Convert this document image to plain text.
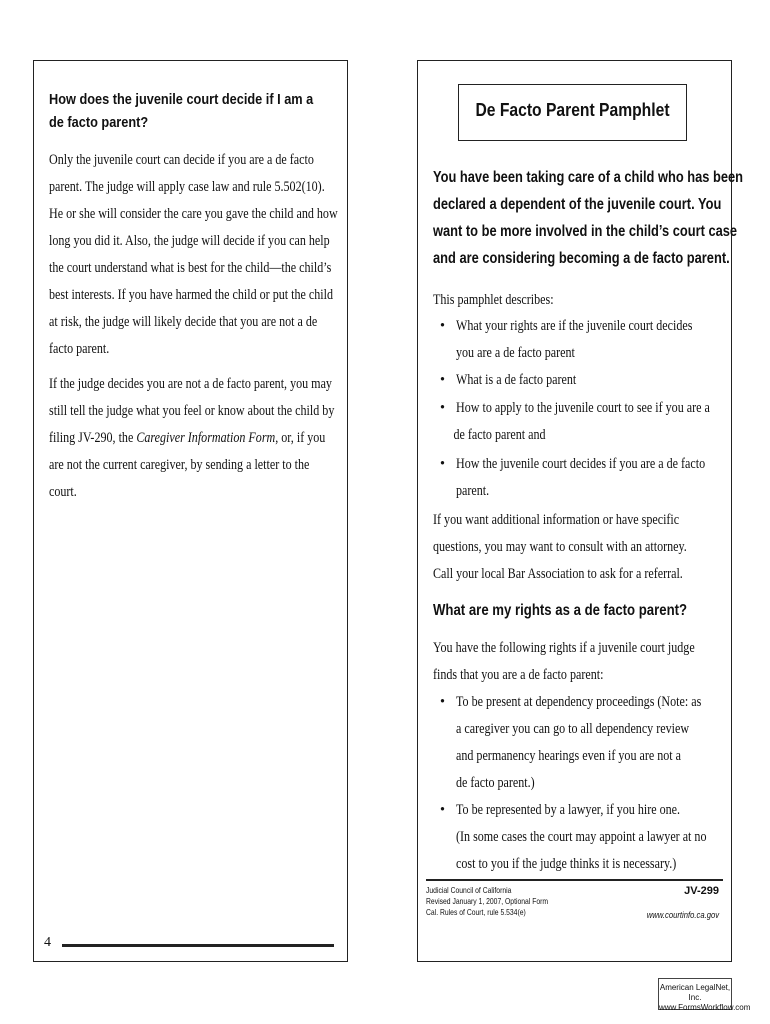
How does the juvenile court decide if I am a
de facto parent?
Only the juvenile court can decide if you are a de facto
parent. The judge will apply case law and rule 5.502(10).
He or she will consider the care you gave the child and how
long you did it. Also, the judge will decide if you can help
the court understand what is best for the child—the child’s
best interests. If you have harmed the child or put the child
at risk, the judge will likely decide that you are not a de
facto parent.
If the judge decides you are not a de facto parent, you may
still tell the judge what you feel or know about the child by
filing JV-290, the Caregiver Information Form, or, if you
are not the current caregiver, by sending a letter to the
court.
4
De Facto Parent Pamphlet
You have been taking care of a child who has been
declared a dependent of the juvenile court. You
want to be more involved in the child’s court case
and are considering becoming a de facto parent.
This pamphlet describes:
• What your rights are if the juvenile court decides
you are a de facto parent
• What is a de facto parent
• How to apply to the juvenile court to see if you are a
de facto parent and
• How the juvenile court decides if you are a de facto
parent.
If you want additional information or have specific
questions, you may want to consult with an attorney.
Call your local Bar Association to ask for a referral.
What are my rights as a de facto parent?
You have the following rights if a juvenile court judge
finds that you are a de facto parent:
• To be present at dependency proceedings (Note: as
a caregiver you can go to all dependency review
and permanency hearings even if you are not a
de facto parent.)
• To be represented by a lawyer, if you hire one.
(In some cases the court may appoint a lawyer at no
cost to you if the judge thinks it is necessary.)
Judicial Council of California
Revised January 1, 2007, Optional Form
Cal. Rules of Court, rule 5.534(e)
JV-299
www.courtinfo.ca.gov
American LegalNet, Inc.
www.FormsWorkflow.com
